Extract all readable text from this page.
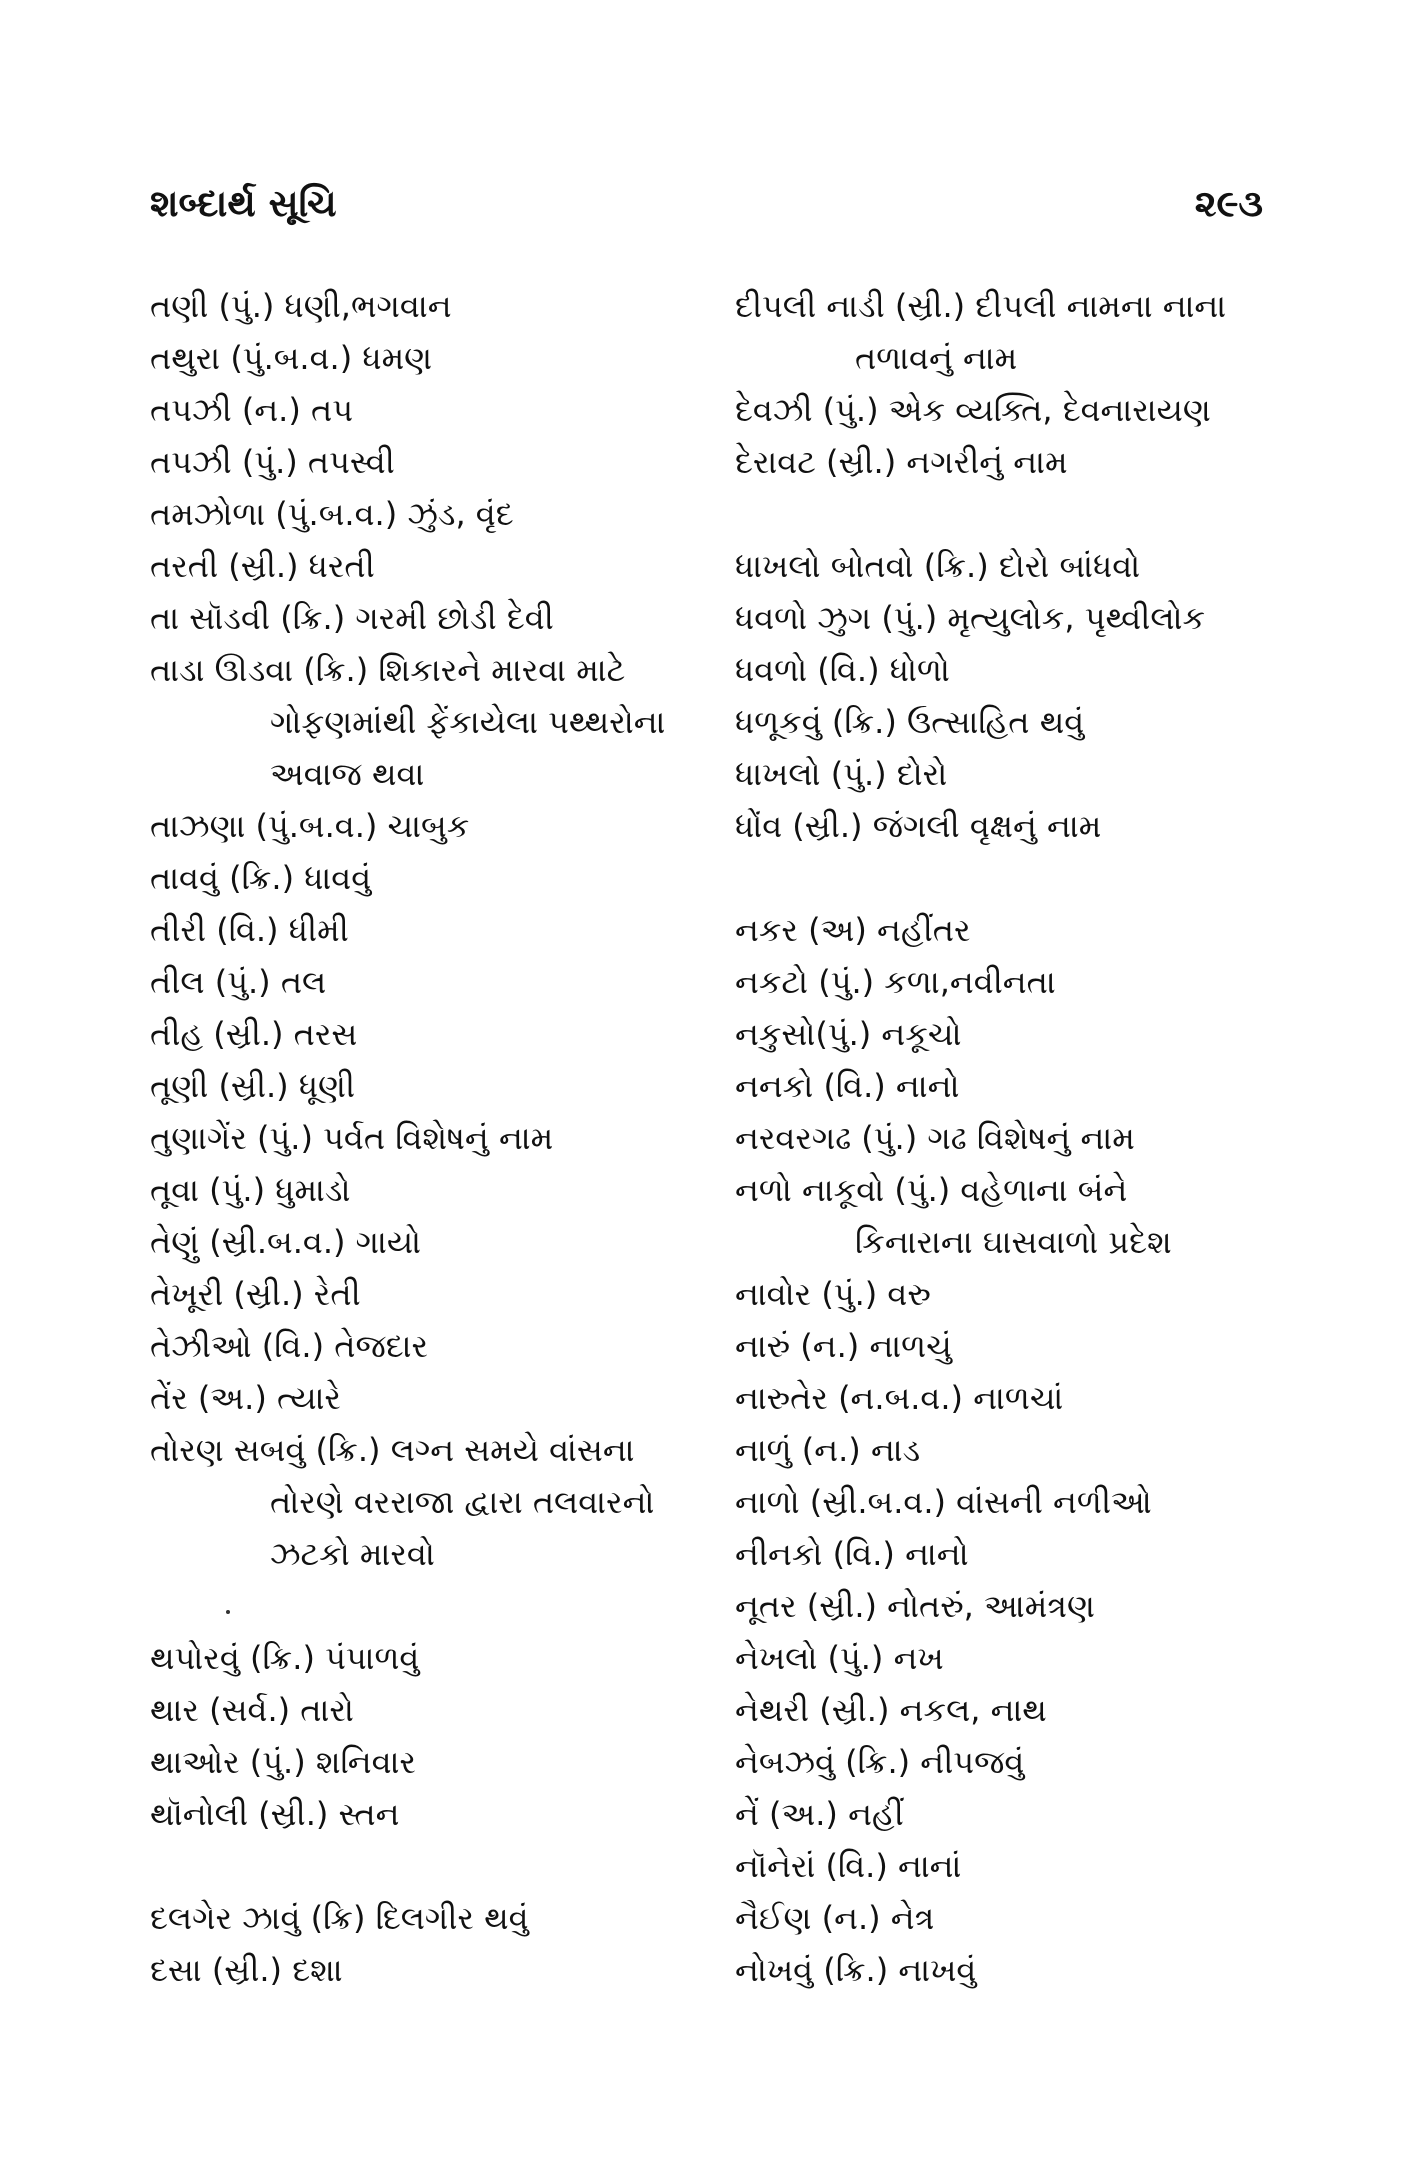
શબ્દાર્થ સૂચિ	૨૯૩
તણી (પું.) ધણી,ભગવાન
તથુરા (પું.બ.વ.) ધમણ
તપઝી (ન.) તપ
તપઝી (પું.) તપસ્વી
તમઝોળા (પું.બ.વ.) ઝુંડ, વૃંદ
તરતી (સ્રી.) ધરતી
તા સૉડવી (ક્રિ.) ગરમી છોડી દેવી
તાડા ઊડવા (ક્રિ.) શિકારને મારવા માટે
ગોફણમાંથી ફેંકાયેલા પથ્થરોના
અવાજ થવા
તાઝણા (પું.બ.વ.) ચાબુક
તાવવું (ક્રિ.) ધાવવું
તીરી (વિ.) ધીમી
તીલ (પું.) તલ
તીહ (સ્રી.) તરસ
તૂણી (સ્રી.) ધૂણી
તુણાગેંર (પું.) પર્વત વિશેષનું નામ
તૂવા (પું.) ધુમાડો
તેણું (સ્રી.બ.વ.) ગાયો
તેખૂરી (સ્રી.) રેતી
તેઝીઓ (વિ.) તેજદાર
તેંર (અ.) ત્યારે
તોરણ સબવું (ક્રિ.) લગ્ન સમયે વાંસના
તોરણે વરરાજા દ્વારા તલવારનો
ઝટકો મારવો
થપોરવું (ક્રિ.) પંપાળવું
થાર (સર્વ.) તારો
થાઓર (પું.) શનિવાર
થૉનોલી (સ્રી.) સ્તન
દલગેર ઝાવું (ક્રિ) દિલગીર થવું
દસા (સ્રી.) દશા
દીપલી નાડી (સ્રી.) દીપલી નામના નાના
તળાવનું નામ
દેવઝી (પું.) એક વ્યક્તિ, દેવનારાયણ
દેરાવટ (સ્રી.) નગરીનું નામ
ધાખલો બોતવો (ક્રિ.) દોરો બાંધવો
ધવળો ઝુગ (પું.) મૃત્યુલોક, પૃથ્વીલોક
ધવળો (વિ.) ધોળો
ધળૂકવું (ક્રિ.) ઉત્સાહિત થવું
ધાખલો (પું.) દોરો
ધોંવ (સ્રી.) જંગલી વૃક્ષનું નામ
નકર (અ) નહીંતર
નકટો (પું.) કળા,નવીનતા
નકુસો(પું.) નકૂચો
નનકો (વિ.) નાનો
નરવરગઢ (પું.) ગઢ વિશેષનું નામ
નળો નાકૂવો (પું.) વહેળાના બંને
કિનારાના ઘાસવાળો પ્રદેશ
નાવોર (પું.) વરુ
નારું (ન.) નાળચું
નારુતેર (ન.બ.વ.) નાળચાં
નાળું (ન.) નાડ
નાળો (સ્રી.બ.વ.) વાંસની નળીઓ
નીનકો (વિ.) નાનો
નૂતર (સ્રી.) નોતરું, આમંત્રણ
નેખલો (પું.) નખ
નેથરી (સ્રી.) નકલ, નાથ
નેબઝવું (ક્રિ.) નીપજવું
નેં (અ.) નહીં
નૉનેરાં (વિ.) નાનાં
નૈઈણ (ન.) નેત્ર
નોખવું (ક્રિ.) નાખવું
